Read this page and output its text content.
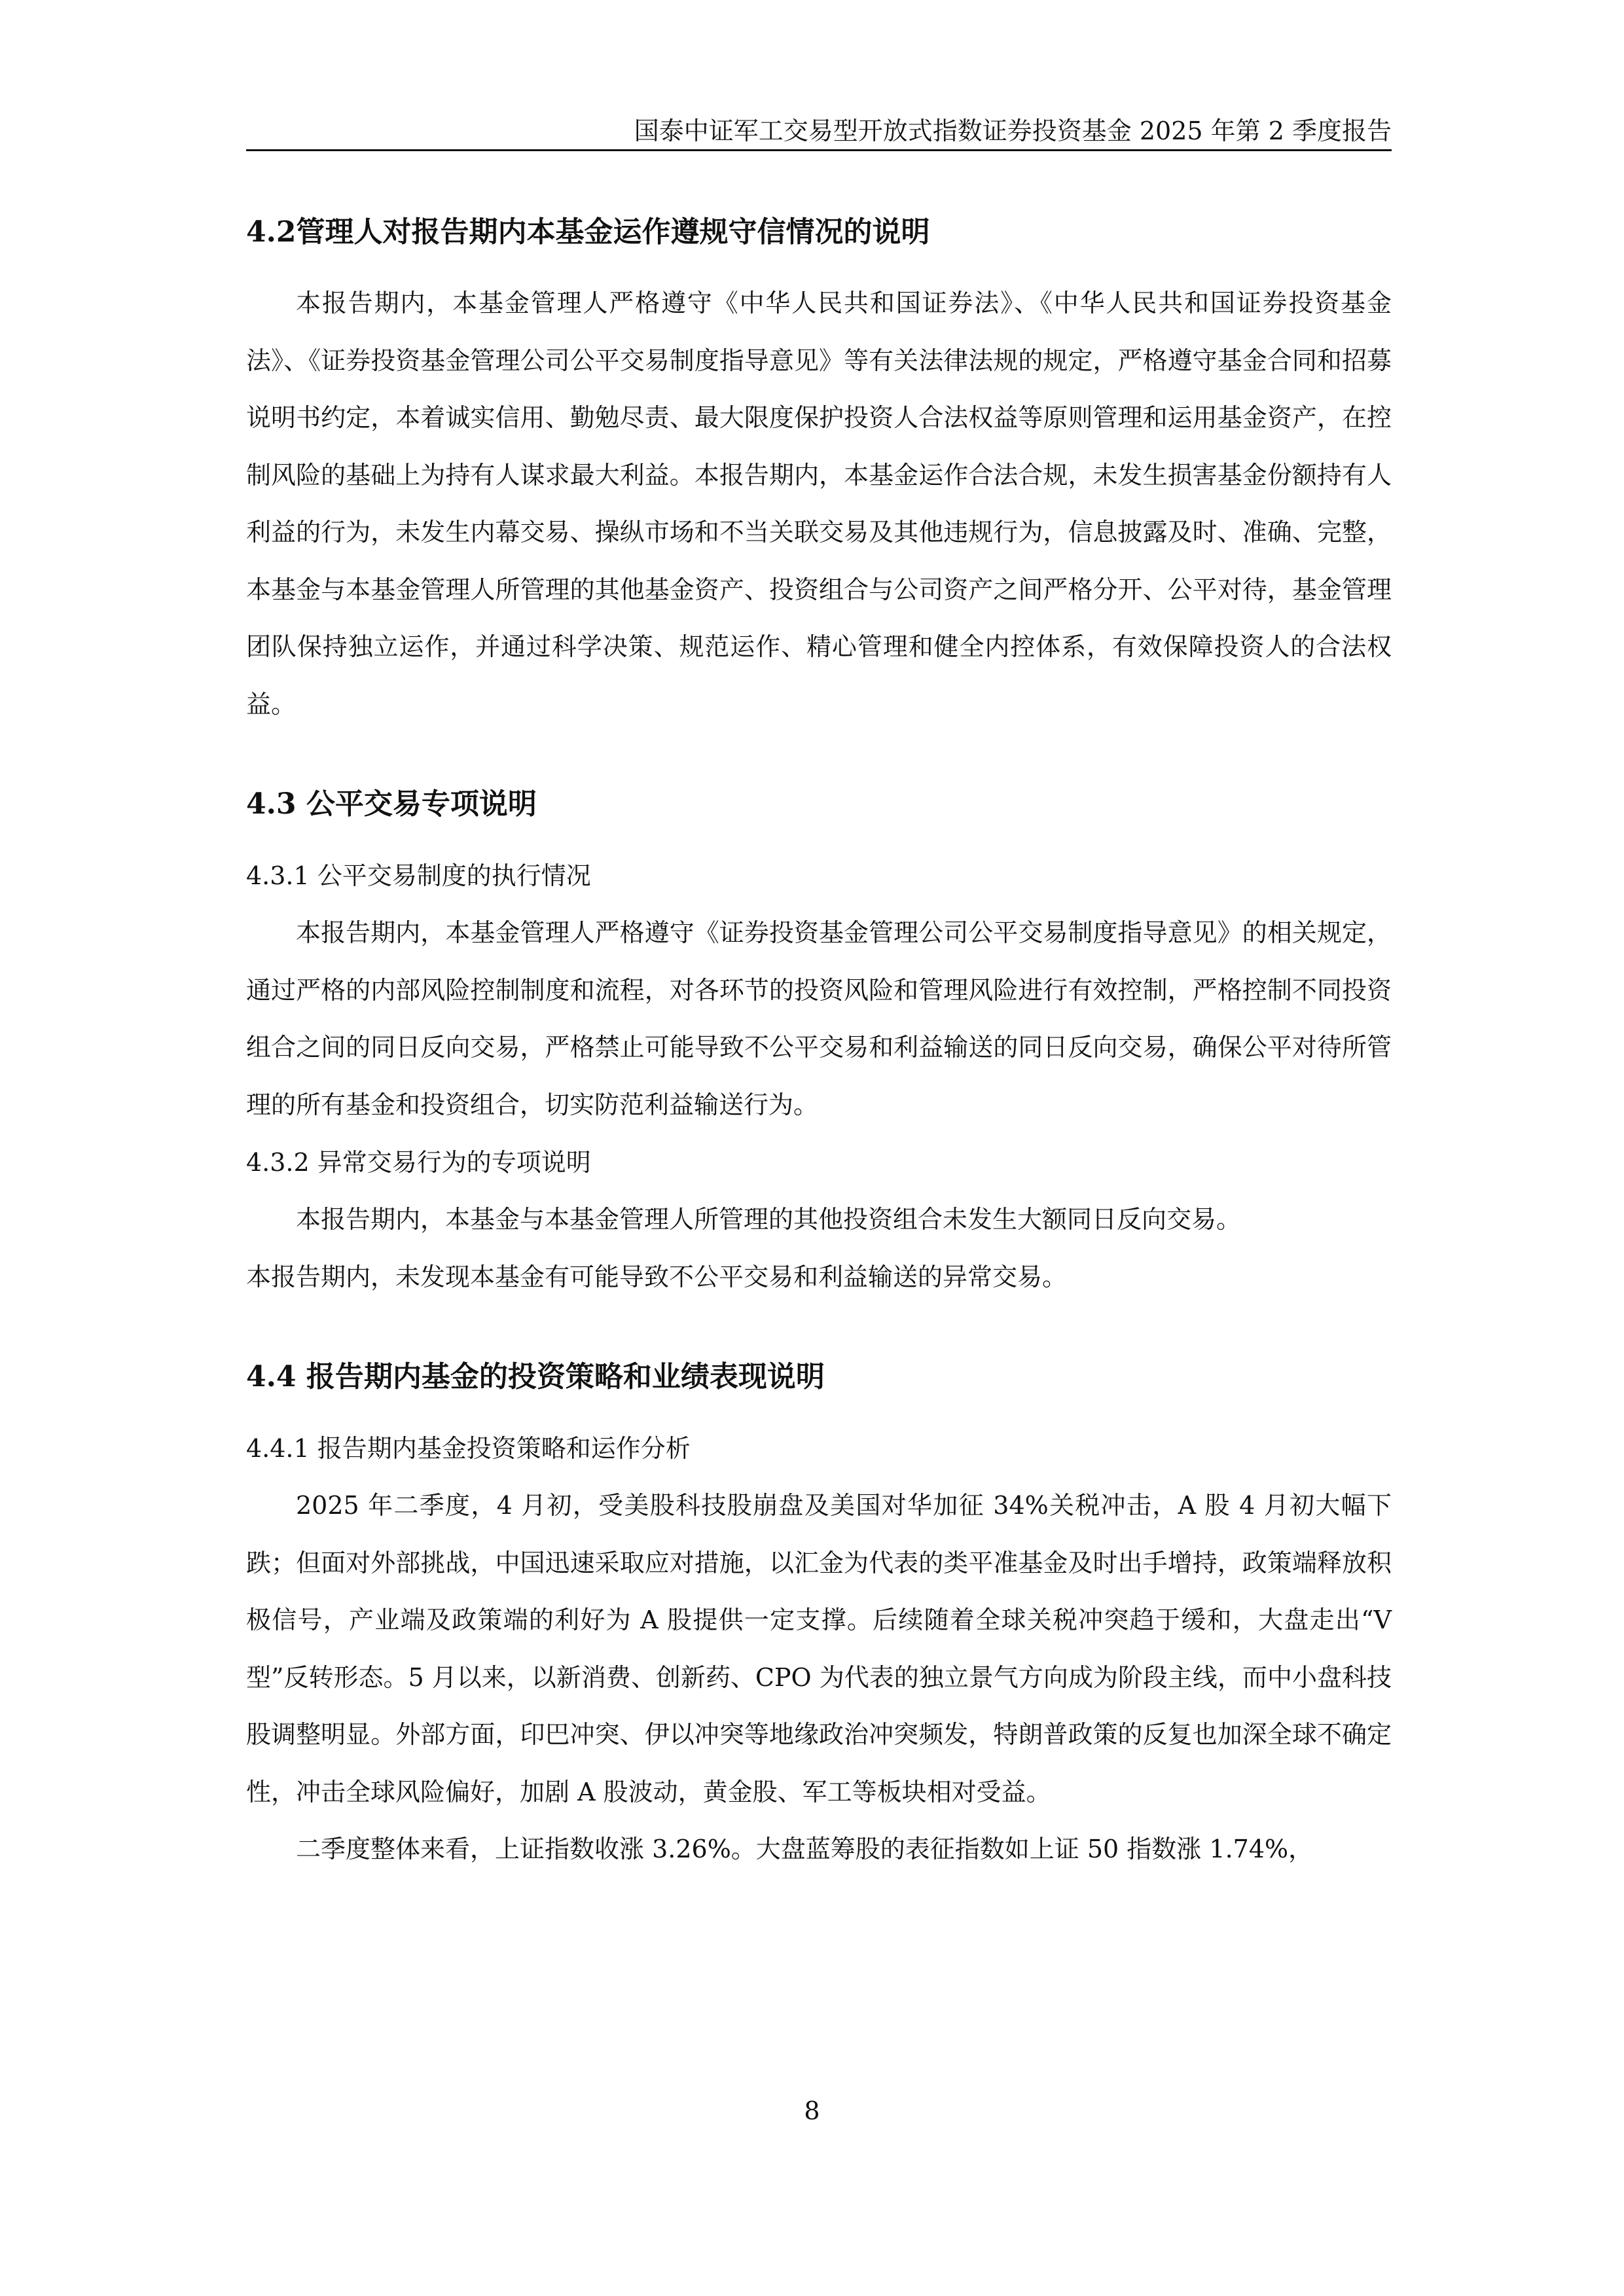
国泰中证军工交易型开放式指数证券投资基金 2025 年第 2 季度报告
4.2管理人对报告期内本基金运作遵规守信情况的说明

本报告期内，本基金管理人严格遵守《中华人民共和国证券法》、《中华人民共和国证券投资基金法》、《证券投资基金管理公司公平交易制度指导意见》等有关法律法规的规定，严格遵守基金合同和招募说明书约定，本着诚实信用、勤勉尽责、最大限度保护投资人合法权益等原则管理和运用基金资产，在控制风险的基础上为持有人谋求最大利益。本报告期内，本基金运作合法合规，未发生损害基金份额持有人利益的行为，未发生内幕交易、操纵市场和不当关联交易及其他违规行为，信息披露及时、准确、完整，本基金与本基金管理人所管理的其他基金资产、投资组合与公司资产之间严格分开、公平对待，基金管理团队保持独立运作，并通过科学决策、规范运作、精心管理和健全内控体系，有效保障投资人的合法权益。

4.3 公平交易专项说明
4.3.1 公平交易制度的执行情况

本报告期内，本基金管理人严格遵守《证券投资基金管理公司公平交易制度指导意见》的相关规定，通过严格的内部风险控制制度和流程，对各环节的投资风险和管理风险进行有效控制，严格控制不同投资组合之间的同日反向交易，严格禁止可能导致不公平交易和利益输送的同日反向交易，确保公平对待所管理的所有基金和投资组合，切实防范利益输送行为。

4.3.2 异常交易行为的专项说明

本报告期内，本基金与本基金管理人所管理的其他投资组合未发生大额同日反向交易。

本报告期内，未发现本基金有可能导致不公平交易和利益输送的异常交易。

4.4 报告期内基金的投资策略和业绩表现说明
4.4.1 报告期内基金投资策略和运作分析

2025 年二季度，4 月初，受美股科技股崩盘及美国对华加征 34%关税冲击，A 股 4 月初大幅下跌；但面对外部挑战，中国迅速采取应对措施，以汇金为代表的类平准基金及时出手增持，政策端释放积极信号，产业端及政策端的利好为 A 股提供一定支撑。后续随着全球关税冲突趋于缓和，大盘走出“V 型”反转形态。5 月以来，以新消费、创新药、CPO 为代表的独立景气方向成为阶段主线，而中小盘科技股调整明显。外部方面，印巴冲突、伊以冲突等地缘政治冲突频发，特朗普政策的反复也加深全球不确定性，冲击全球风险偏好，加剧 A 股波动，黄金股、军工等板块相对受益。

二季度整体来看，上证指数收涨 3.26%。大盘蓝筹股的表征指数如上证 50 指数涨 1.74%，

8
